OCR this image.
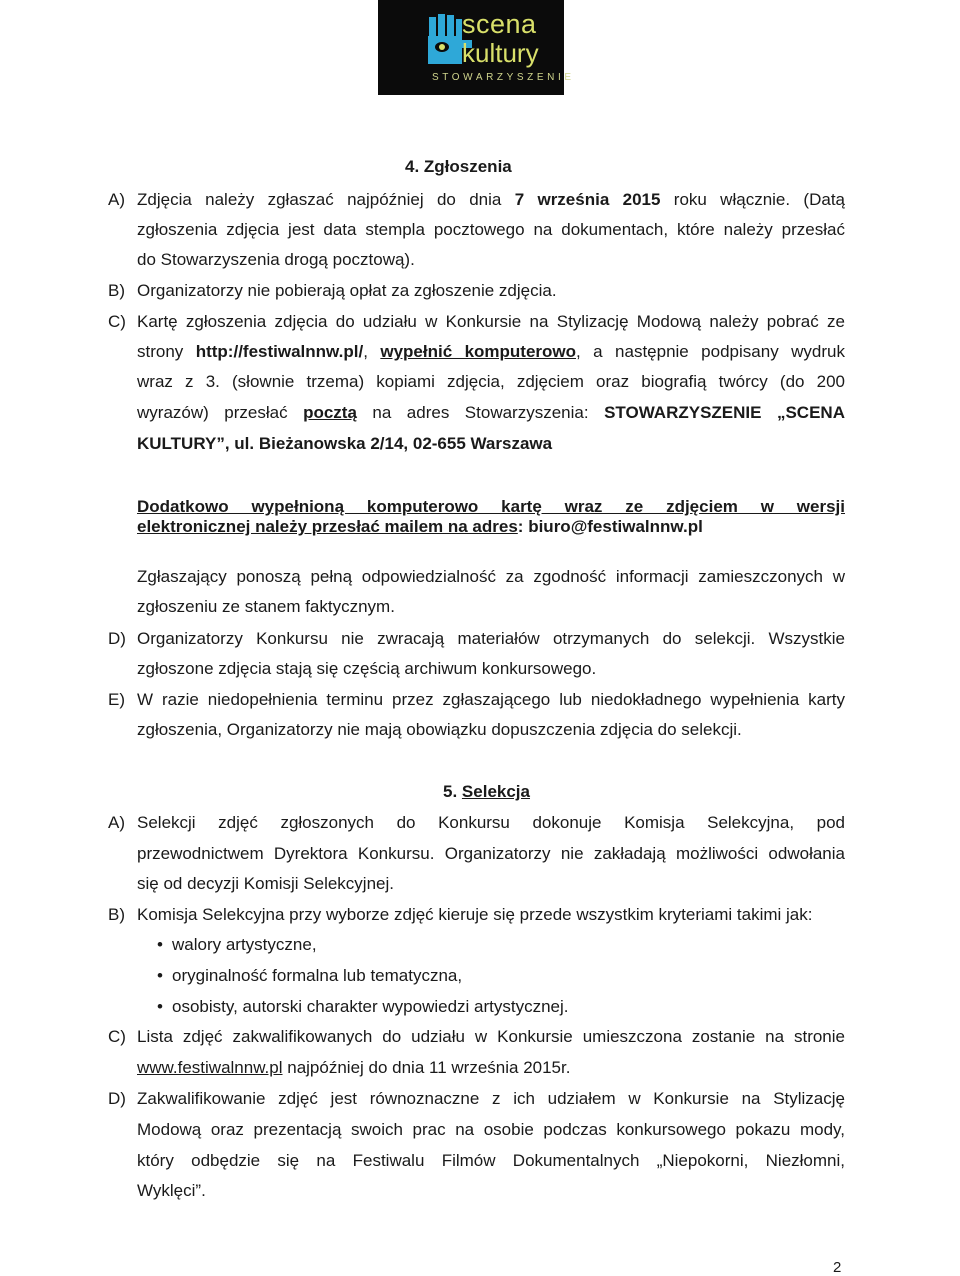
scena
kultury
STOWARZYSZENIE
4. Zgłoszenia
A) Zdjęcia należy zgłaszać najpóźniej do dnia 7 września 2015 roku włącznie. (Datą
zgłoszenia zdjęcia jest data stempla pocztowego na dokumentach, które należy przesłać
do Stowarzyszenia drogą pocztową).
B) Organizatorzy nie pobierają opłat za zgłoszenie zdjęcia.
C) Kartę zgłoszenia zdjęcia do udziału w Konkursie na Stylizację Modową należy pobrać ze
strony http://festiwalnnw.pl/, wypełnić komputerowo, a następnie podpisany wydruk
wraz z 3. (słownie trzema) kopiami zdjęcia, zdjęciem oraz biografią twórcy (do 200
wyrazów) przesłać pocztą na adres Stowarzyszenia: STOWARZYSZENIE „SCENA
KULTURY”, ul. Bieżanowska 2/14, 02-655 Warszawa
Dodatkowo wypełnioną komputerowo kartę wraz ze zdjęciem w wersji
elektronicznej należy przesłać mailem na adres: biuro@festiwalnnw.pl
Zgłaszający ponoszą pełną odpowiedzialność za zgodność informacji zamieszczonych w
zgłoszeniu ze stanem faktycznym.
D) Organizatorzy Konkursu nie zwracają materiałów otrzymanych do selekcji. Wszystkie
zgłoszone zdjęcia stają się częścią archiwum konkursowego.
E) W razie niedopełnienia terminu przez zgłaszającego lub niedokładnego wypełnienia karty
zgłoszenia, Organizatorzy nie mają obowiązku dopuszczenia zdjęcia do selekcji.
5. Selekcja
A) Selekcji zdjęć zgłoszonych do Konkursu dokonuje Komisja Selekcyjna, pod
przewodnictwem Dyrektora Konkursu. Organizatorzy nie zakładają możliwości odwołania
się od decyzji Komisji Selekcyjnej.
B) Komisja Selekcyjna przy wyborze zdjęć kieruje się przede wszystkim kryteriami takimi jak:
• walory artystyczne,
• oryginalność formalna lub tematyczna,
• osobisty, autorski charakter wypowiedzi artystycznej.
C) Lista zdjęć zakwalifikowanych do udziału w Konkursie umieszczona zostanie na stronie
www.festiwalnnw.pl najpóźniej do dnia 11 września 2015r.
D) Zakwalifikowanie zdjęć jest równoznaczne z ich udziałem w Konkursie na Stylizację
Modową oraz prezentacją swoich prac na osobie podczas konkursowego pokazu mody,
który odbędzie się na Festiwalu Filmów Dokumentalnych „Niepokorni, Niezłomni,
Wyklęci”.
2
